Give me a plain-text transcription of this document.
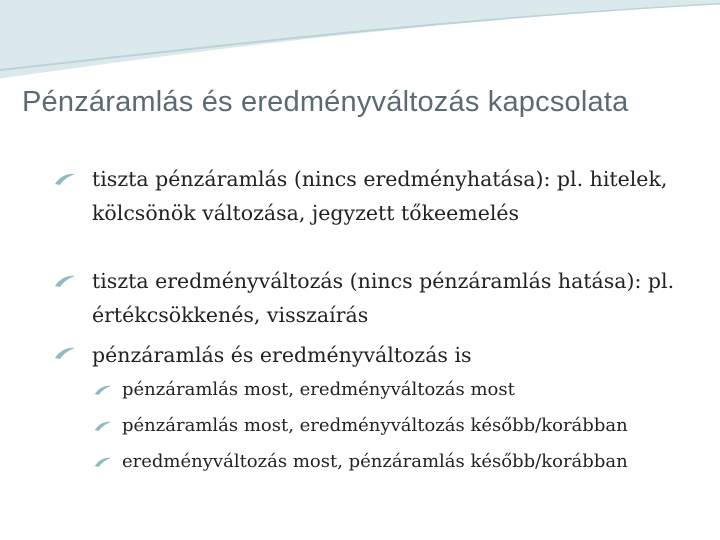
Pénzáramlás és eredményváltozás kapcsolata
tiszta pénzáramlás (nincs eredményhatása): pl. hitelek, kölcsönök változása, jegyzett tőkeemelés
tiszta eredményváltozás (nincs pénzáramlás hatása): pl. értékcsökkenés, visszaírás
pénzáramlás és eredményváltozás is
pénzáramlás most, eredményváltozás most
pénzáramlás most, eredményváltozás később/korábban
eredményváltozás most, pénzáramlás később/korábban
